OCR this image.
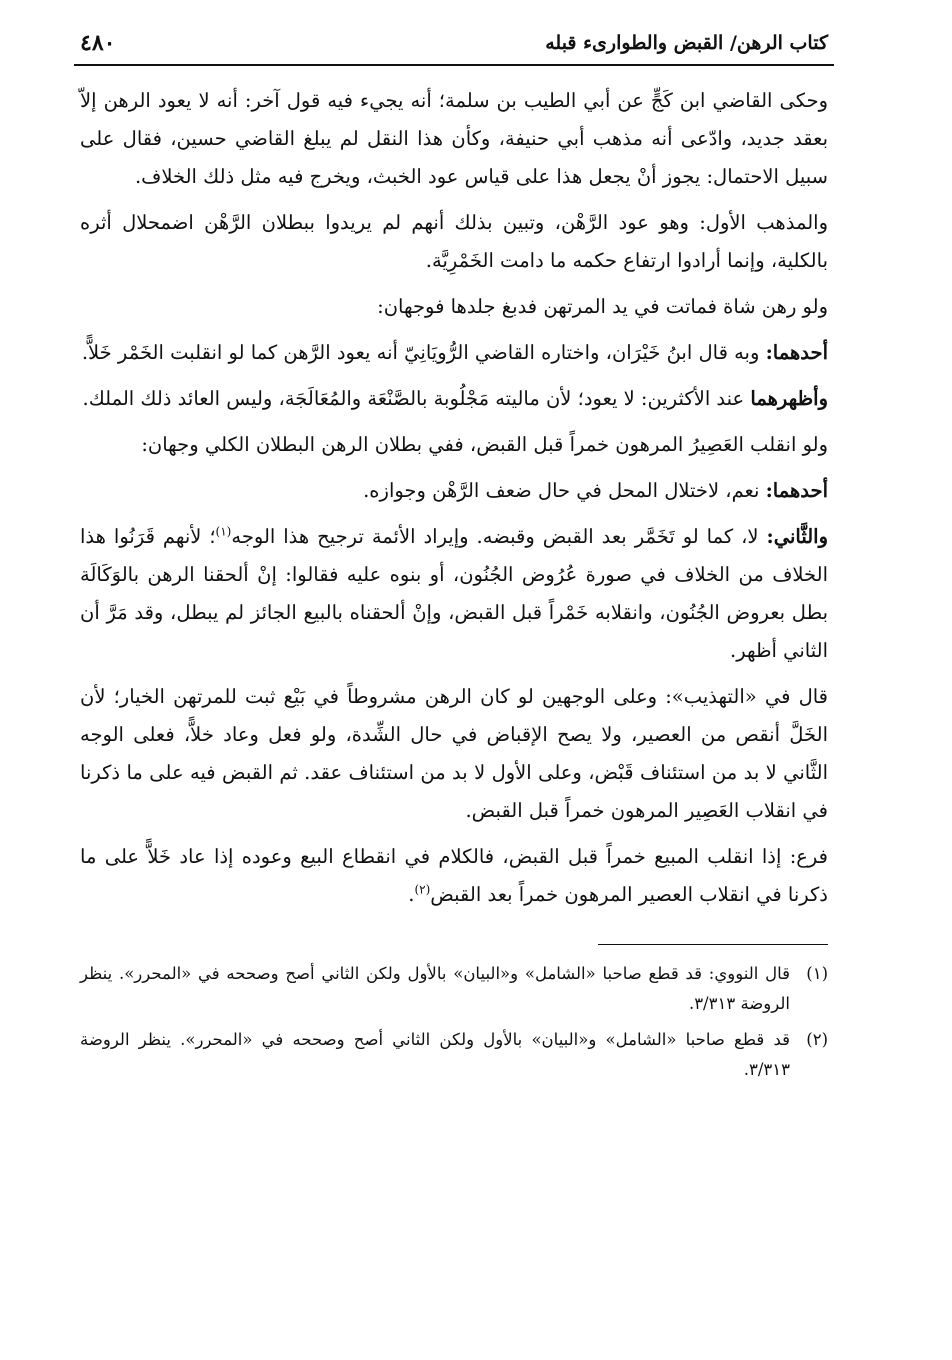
كتاب الرهن/ القبض والطوارىء قبله
٤٨٠

وحكى القاضي ابن كَجٍّ عن أبي الطيب بن سلمة؛ أنه يجيء فيه قول آخر: أنه لا يعود الرهن إلاّ بعقد جديد، وادّعى أنه مذهب أبي حنيفة، وكأن هذا النقل لم يبلغ القاضي حسين، فقال على سبيل الاحتمال: يجوز أنْ يجعل هذا على قياس عود الخبث، ويخرج فيه مثل ذلك الخلاف.

والمذهب الأول: وهو عود الرَّهْن، وتبين بذلك أنهم لم يريدوا ببطلان الرَّهْن اضمحلال أثره بالكلية، وإنما أرادوا ارتفاع حكمه ما دامت الخَمْرِيَّة.

ولو رهن شاة فماتت في يد المرتهن فدبغ جلدها فوجهان:

أحدهما: وبه قال ابنُ خَيْرَان، واختاره القاضي الرُّويَانِيّ أنه يعود الرَّهن كما لو انقلبت الخَمْر خَلاًّ.

وأظهرهما عند الأكثرين: لا يعود؛ لأن ماليته مَجْلُوبة بالصَّنْعَة والمُعَالَجَة، وليس العائد ذلك الملك.

ولو انقلب العَصِيرُ المرهون خمراً قبل القبض، ففي بطلان الرهن البطلان الكلي وجهان:

أحدهما: نعم، لاختلال المحل في حال ضعف الرَّهْن وجوازه.

والثَّاني: لا، كما لو تَخَمَّر بعد القبض وقبضه. وإيراد الأئمة ترجيح هذا الوجه$^{(١)}$؛ لأنهم قَرَنُوا هذا الخلاف من الخلاف في صورة عُرُوض الجُنُون، أو بنوه عليه فقالوا: إنْ ألحقنا الرهن بالوَكَالَة بطل بعروض الجُنُون، وانقلابه خَمْراً قبل القبض، وإنْ ألحقناه بالبيع الجائز لم يبطل، وقد مَرَّ أن الثاني أظهر.

قال في «التهذيب»: وعلى الوجهين لو كان الرهن مشروطاً في بَيْع ثبت للمرتهن الخيار؛ لأن الخَلَّ أنقص من العصير، ولا يصح الإقباض في حال الشِّدة، ولو فعل وعاد خلاًّ، فعلى الوجه الثَّاني لا بد من استئناف قَبْض، وعلى الأول لا بد من استئناف عقد. ثم القبض فيه على ما ذكرنا في انقلاب العَصِير المرهون خمراً قبل القبض.

فرع: إذا انقلب المبيع خمراً قبل القبض، فالكلام في انقطاع البيع وعوده إذا عاد خَلاًّ على ما ذكرنا في انقلاب العصير المرهون خمراً بعد القبض$^{(٢)}$.

(١)
قال النووي: قد قطع صاحبا «الشامل» و«البيان» بالأول ولكن الثاني أصح وصححه في «المحرر». ينظر الروضة ٣/٣١٣.
(٢)
قد قطع صاحبا «الشامل» و«البيان» بالأول ولكن الثاني أصح وصححه في «المحرر». ينظر الروضة ٣/٣١٣.
